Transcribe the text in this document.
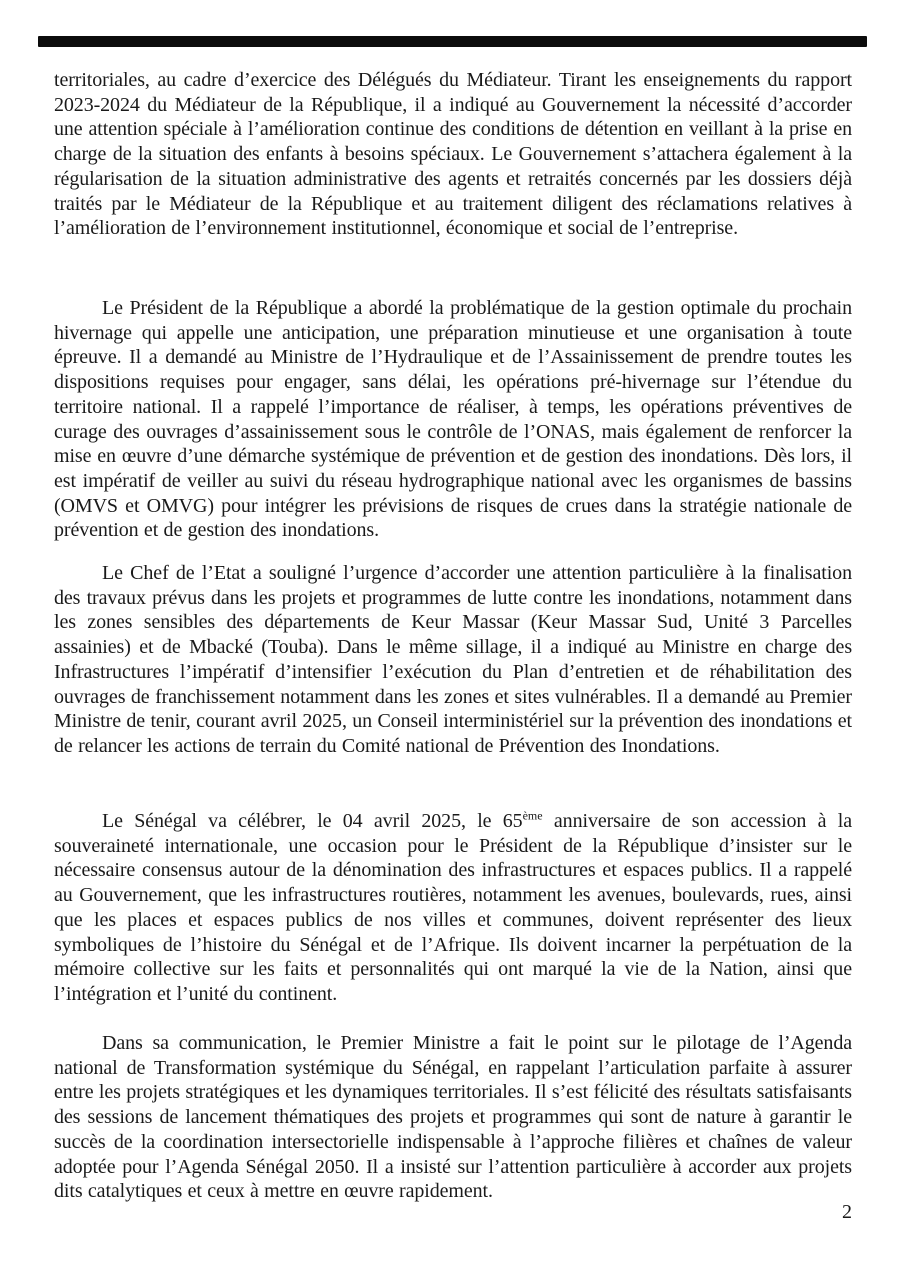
territoriales, au cadre d’exercice des Délégués du Médiateur. Tirant les enseignements du rapport 2023-2024 du Médiateur de la République, il a indiqué au Gouvernement la nécessité d’accorder une attention spéciale à l’amélioration continue des conditions de détention en veillant à la prise en charge de la situation des enfants à besoins spéciaux. Le Gouvernement s’attachera également à la régularisation de la situation administrative des agents et retraités concernés par les dossiers déjà traités par le Médiateur de la République et au traitement diligent des réclamations relatives à l’amélioration de l’environnement institutionnel, économique et social de l’entreprise.

Le Président de la République a abordé la problématique de la gestion optimale du prochain hivernage qui appelle une anticipation, une préparation minutieuse et une organisation à toute épreuve. Il a demandé au Ministre de l’Hydraulique et de l’Assainissement de prendre toutes les dispositions requises pour engager, sans délai, les opérations pré-hivernage sur l’étendue du territoire national. Il a rappelé l’importance de réaliser, à temps, les opérations préventives de curage des ouvrages d’assainissement sous le contrôle de l’ONAS, mais également de renforcer la mise en œuvre d’une démarche systémique de prévention et de gestion des inondations. Dès lors, il est impératif de veiller au suivi du réseau hydrographique national avec les organismes de bassins (OMVS et OMVG) pour intégrer les prévisions de risques de crues dans la stratégie nationale de prévention et de gestion des inondations.

Le Chef de l’Etat a souligné l’urgence d’accorder une attention particulière à la finalisation des travaux prévus dans les projets et programmes de lutte contre les inondations, notamment dans les zones sensibles des départements de Keur Massar (Keur Massar Sud, Unité 3 Parcelles assainies) et de Mbacké (Touba). Dans le même sillage, il a indiqué au Ministre en charge des Infrastructures l’impératif d’intensifier l’exécution du Plan d’entretien et de réhabilitation des ouvrages de franchissement notamment dans les zones et sites vulnérables. Il a demandé au Premier Ministre de tenir, courant avril 2025, un Conseil interministériel sur la prévention des inondations et de relancer les actions de terrain du Comité national de Prévention des Inondations.

Le Sénégal va célébrer, le 04 avril 2025, le 65ème anniversaire de son accession à la souveraineté internationale, une occasion pour le Président de la République d’insister sur le nécessaire consensus autour de la dénomination des infrastructures et espaces publics. Il a rappelé au Gouvernement, que les infrastructures routières, notamment les avenues, boulevards, rues, ainsi que les places et espaces publics de nos villes et communes, doivent représenter des lieux symboliques de l’histoire du Sénégal et de l’Afrique. Ils doivent incarner la perpétuation de la mémoire collective sur les faits et personnalités qui ont marqué la vie de la Nation, ainsi que l’intégration et l’unité du continent.

Dans sa communication, le Premier Ministre a fait le point sur le pilotage de l’Agenda national de Transformation systémique du Sénégal, en rappelant l’articulation parfaite à assurer entre les projets stratégiques et les dynamiques territoriales. Il s’est félicité des résultats satisfaisants des sessions de lancement thématiques des projets et programmes qui sont de nature à garantir le succès de la coordination intersectorielle indispensable à l’approche filières et chaînes de valeur adoptée pour l’Agenda Sénégal 2050. Il a insisté sur l’attention particulière à accorder aux projets dits catalytiques et ceux à mettre en œuvre rapidement.

2
